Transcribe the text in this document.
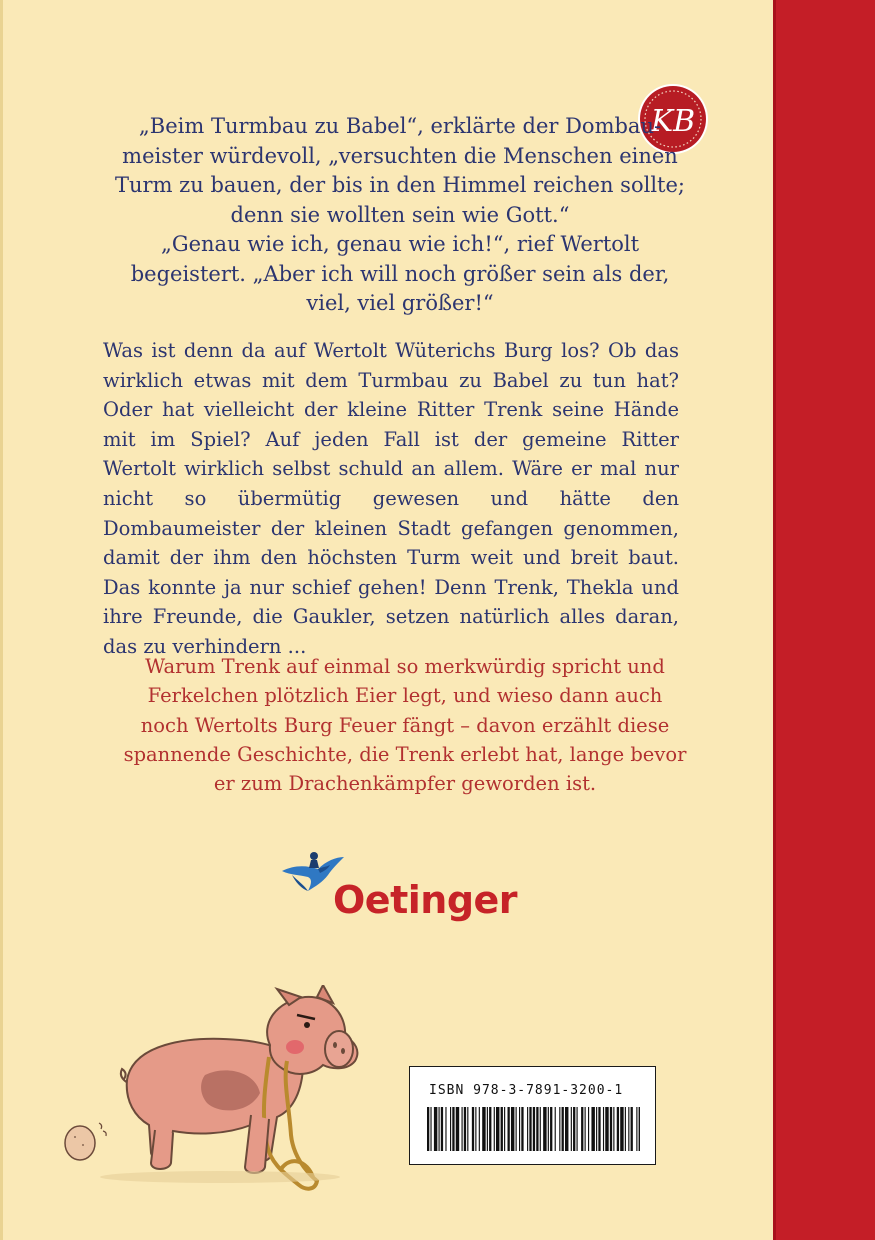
KB

„Beim Turmbau zu Babel“, erklärte der Dombau-

meister würdevoll, „versuchten die Menschen einen

Turm zu bauen, der bis in den Himmel reichen sollte;

denn sie wollten sein wie Gott.“

„Genau wie ich, genau wie ich!“, rief Wertolt

begeistert. „Aber ich will noch größer sein als der,

viel, viel größer!“

Was ist denn da auf Wertolt Wüterichs Burg los? Ob das wirklich etwas mit dem Turmbau zu Babel zu tun hat? Oder hat vielleicht der kleine Ritter Trenk seine Hände mit im Spiel? Auf jeden Fall ist der gemeine Ritter Wertolt wirklich selbst schuld an allem. Wäre er mal nur nicht so übermütig gewesen und hätte den Dombaumeister der kleinen Stadt gefangen genommen, damit der ihm den höchsten Turm weit und breit baut. Das konnte ja nur schief gehen! Denn Trenk, Thekla und ihre Freunde, die Gaukler, setzen natürlich alles daran, das zu verhindern ...

Warum Trenk auf einmal so merkwürdig spricht und

Ferkelchen plötzlich Eier legt, und wieso dann auch

noch Wertolts Burg Feuer fängt – davon erzählt diese

spannende Geschichte, die Trenk erlebt hat, lange bevor

er zum Drachenkämpfer geworden ist.

Oetinger
ISBN 978-3-7891-3200-1
